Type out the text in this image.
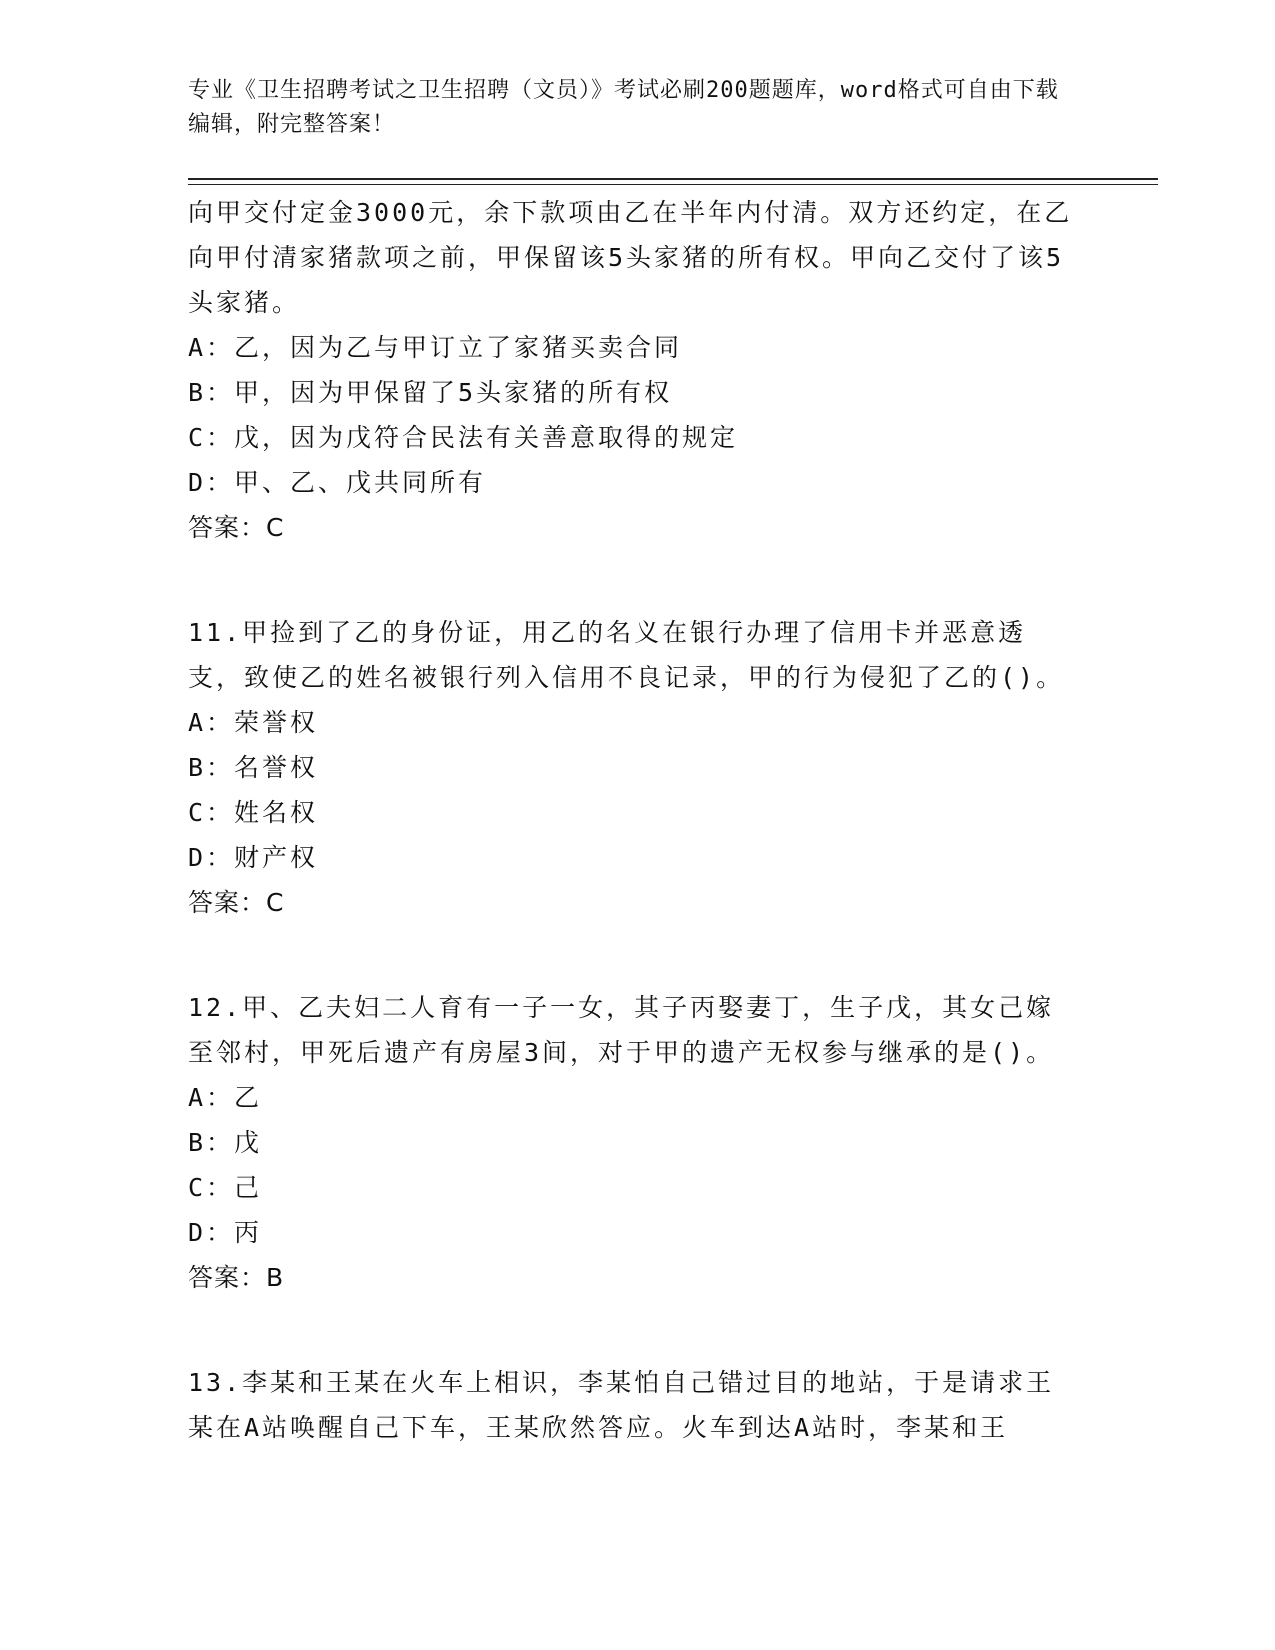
专业《卫生招聘考试之卫生招聘（文员）》考试必刷200题题库，word格式可自由下载编辑，附完整答案！

向甲交付定金3000元，余下款项由乙在半年内付清。双方还约定，在乙向甲付清家猪款项之前，甲保留该5头家猪的所有权。甲向乙交付了该5头家猪。

A：乙，因为乙与甲订立了家猪买卖合同

B：甲，因为甲保留了5头家猪的所有权

C：戊，因为戊符合民法有关善意取得的规定

D：甲、乙、戊共同所有

答案：C

11.甲捡到了乙的身份证，用乙的名义在银行办理了信用卡并恶意透支，致使乙的姓名被银行列入信用不良记录，甲的行为侵犯了乙的()。

A：荣誉权

B：名誉权

C：姓名权

D：财产权

答案：C

12.甲、乙夫妇二人育有一子一女，其子丙娶妻丁，生子戊，其女己嫁至邻村，甲死后遗产有房屋3间，对于甲的遗产无权参与继承的是()。

A：乙

B：戊

C：己

D：丙

答案：B

13.李某和王某在火车上相识，李某怕自己错过目的地站，于是请求王某在A站唤醒自己下车，王某欣然答应。火车到达A站时，李某和王
